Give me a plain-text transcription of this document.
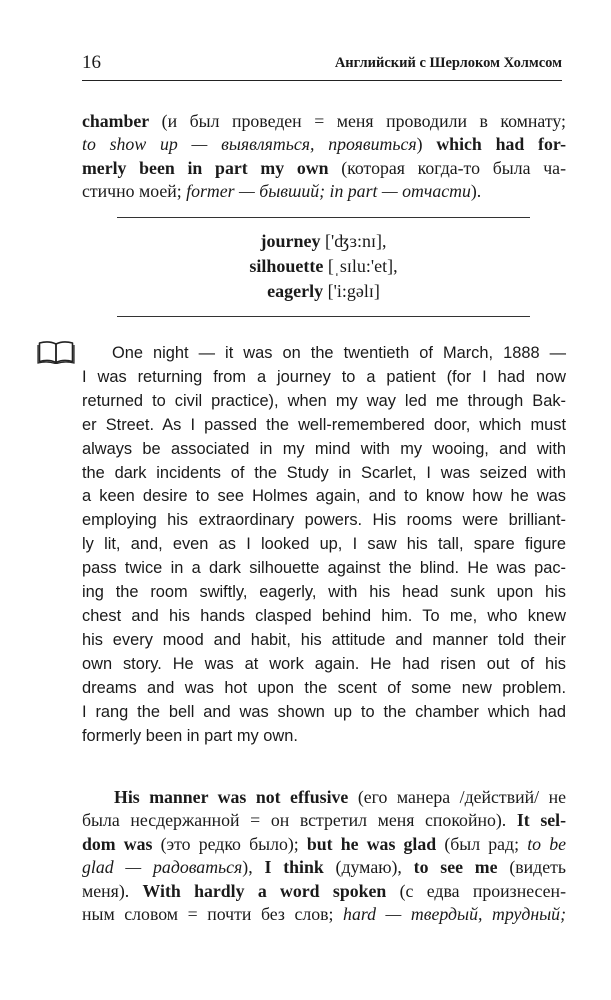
16	Английский с Шерлоком Холмсом
chamber (и был проведен = меня проводили в комнату;
to show up — выявляться, проявиться) which had for-
merly been in part my own (которая когда-то была ча-
стично моей; former — бывший; in part — отчасти).
journey ['ʤɜ:nɪ],
silhouette [ˌsɪlu:'et],
eagerly ['i:gəlɪ]
One night — it was on the twentieth of March, 1888 —
I was returning from a journey to a patient (for I had now
returned to civil practice), when my way led me through Bak-
er Street. As I passed the well-remembered door, which must
always be associated in my mind with my wooing, and with
the dark incidents of the Study in Scarlet, I was seized with
a keen desire to see Holmes again, and to know how he was
employing his extraordinary powers. His rooms were brilliant-
ly lit, and, even as I looked up, I saw his tall, spare figure
pass twice in a dark silhouette against the blind. He was pac-
ing the room swiftly, eagerly, with his head sunk upon his
chest and his hands clasped behind him. To me, who knew
his every mood and habit, his attitude and manner told their
own story. He was at work again. He had risen out of his
dreams and was hot upon the scent of some new problem.
I rang the bell and was shown up to the chamber which had
formerly been in part my own.
His manner was not effusive (его манера /действий/ не
была несдержанной = он встретил меня спокойно). It sel-
dom was (это редко было); but he was glad (был рад; to be
glad — радоваться), I think (думаю), to see me (видеть
меня). With hardly a word spoken (с едва произнесен-
ным словом = почти без слов; hard — твердый, трудный;
